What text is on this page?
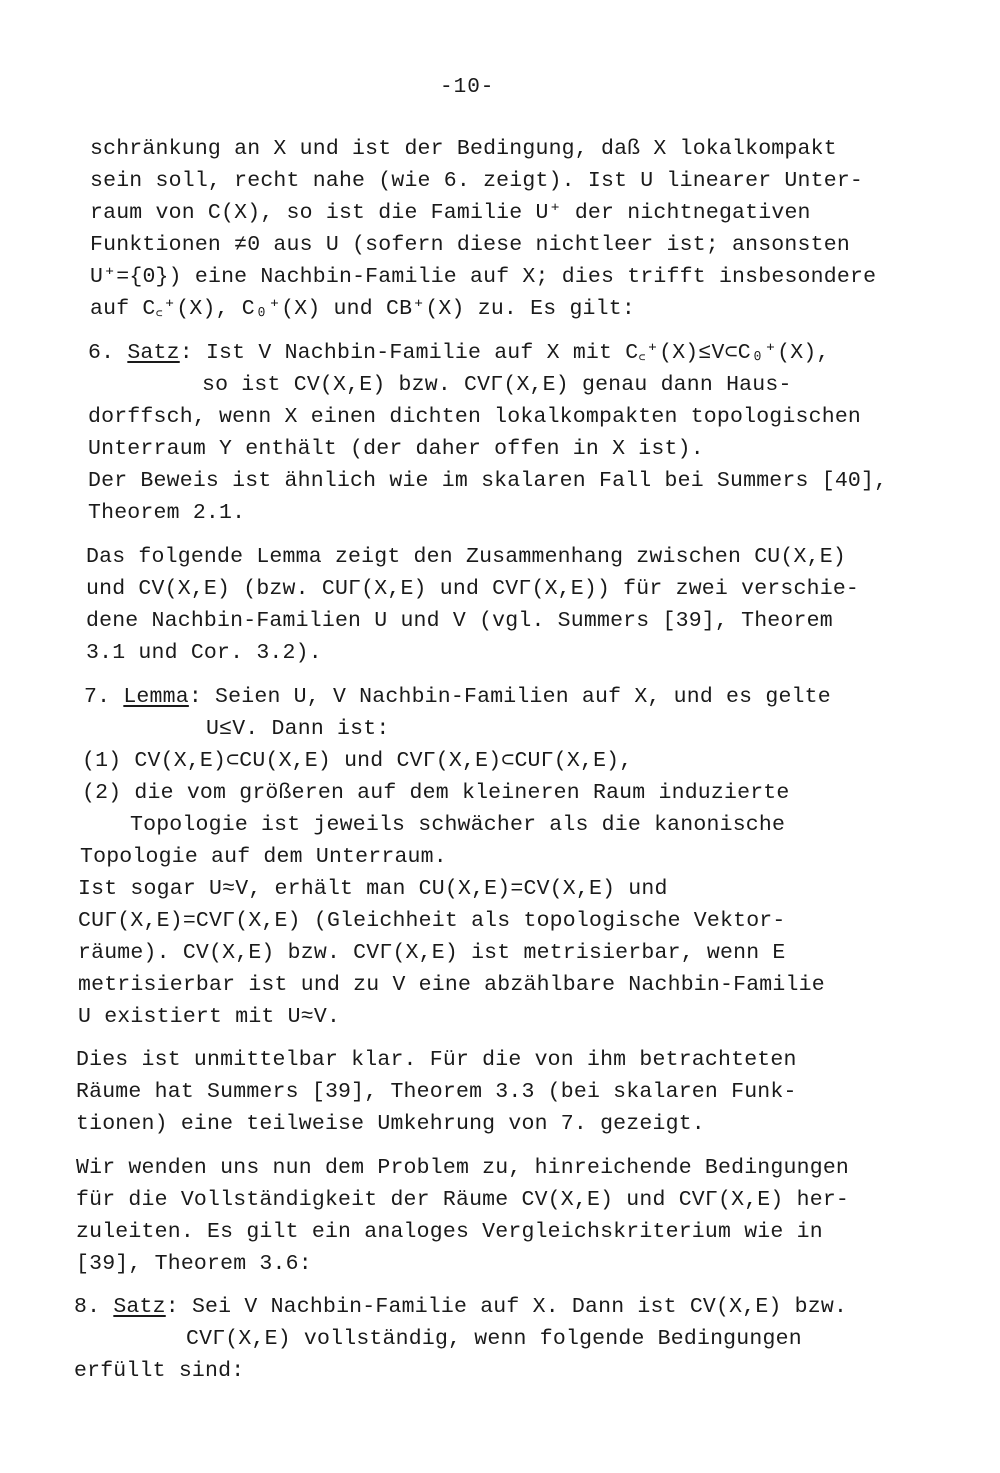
-10-
schränkung an X und ist der Bedingung, daß X lokalkompakt
sein soll, recht nahe (wie 6. zeigt). Ist U linearer Unter-
raum von C(X), so ist die Familie U⁺ der nichtnegativen
Funktionen ≠0 aus U (sofern diese nichtleer ist; ansonsten
U⁺={0}) eine Nachbin-Familie auf X; dies trifft insbesondere
auf C꜀⁺(X), C₀⁺(X) und CB⁺(X) zu. Es gilt:
6. Satz: Ist V Nachbin-Familie auf X mit C꜀⁺(X)≤V⊂C₀⁺(X),
so ist CV(X,E) bzw. CVΓ(X,E) genau dann Haus-
dorffsch, wenn X einen dichten lokalkompakten topologischen
Unterraum Y enthält (der daher offen in X ist).
Der Beweis ist ähnlich wie im skalaren Fall bei Summers [40],
Theorem 2.1.
Das folgende Lemma zeigt den Zusammenhang zwischen CU(X,E)
und CV(X,E) (bzw. CUΓ(X,E) und CVΓ(X,E)) für zwei verschie-
dene Nachbin-Familien U und V (vgl. Summers [39], Theorem
3.1 und Cor. 3.2).
7. Lemma: Seien U, V Nachbin-Familien auf X, und es gelte
U≤V. Dann ist:
(1) CV(X,E)⊂CU(X,E) und CVΓ(X,E)⊂CUΓ(X,E),
(2) die vom größeren auf dem kleineren Raum induzierte
Topologie ist jeweils schwächer als die kanonische
Topologie auf dem Unterraum.
Ist sogar U≈V, erhält man CU(X,E)=CV(X,E) und
CUΓ(X,E)=CVΓ(X,E) (Gleichheit als topologische Vektor-
räume). CV(X,E) bzw. CVΓ(X,E) ist metrisierbar, wenn E
metrisierbar ist und zu V eine abzählbare Nachbin-Familie
U existiert mit U≈V.
Dies ist unmittelbar klar. Für die von ihm betrachteten
Räume hat Summers [39], Theorem 3.3 (bei skalaren Funk-
tionen) eine teilweise Umkehrung von 7. gezeigt.
Wir wenden uns nun dem Problem zu, hinreichende Bedingungen
für die Vollständigkeit der Räume CV(X,E) und CVΓ(X,E) her-
zuleiten. Es gilt ein analoges Vergleichskriterium wie in
[39], Theorem 3.6:
8. Satz: Sei V Nachbin-Familie auf X. Dann ist CV(X,E) bzw.
CVΓ(X,E) vollständig, wenn folgende Bedingungen
erfüllt sind:
